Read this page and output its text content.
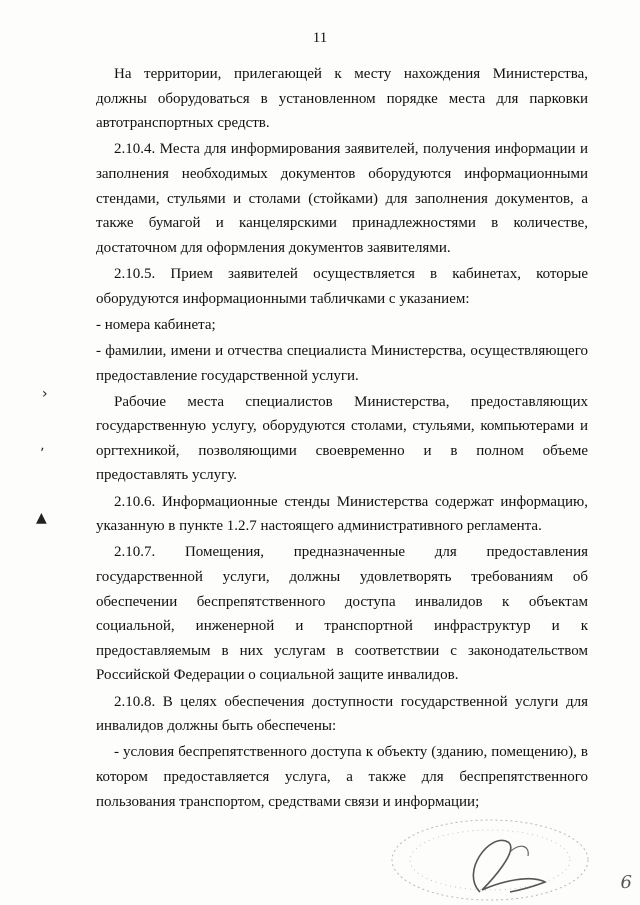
11

На территории, прилегающей к месту нахождения Министерства, должны оборудоваться в установленном порядке места для парковки автотранспортных средств.

2.10.4. Места для информирования заявителей, получения информации и заполнения необходимых документов оборудуются информационными стендами, стульями и столами (стойками) для заполнения документов, а также бумагой и канцелярскими принадлежностями в количестве, достаточном для оформления документов заявителями.

2.10.5. Прием заявителей осуществляется в кабинетах, которые оборудуются информационными табличками с указанием:

- номера кабинета;

- фамилии, имени и отчества специалиста Министерства, осуществляющего предоставление государственной услуги.

Рабочие места специалистов Министерства, предоставляющих государственную услугу, оборудуются столами, стульями, компьютерами и оргтехникой, позволяющими своевременно и в полном объеме предоставлять услугу.

2.10.6. Информационные стенды Министерства содержат информацию, указанную в пункте 1.2.7 настоящего административного регламента.

2.10.7. Помещения, предназначенные для предоставления государственной услуги, должны удовлетворять требованиям об обеспечении беспрепятственного доступа инвалидов к объектам социальной, инженерной и транспортной инфраструктур и к предоставляемым в них услугам в соответствии с законодательством Российской Федерации о социальной защите инвалидов.

2.10.8. В целях обеспечения доступности государственной услуги для инвалидов должны быть обеспечены:

- условия беспрепятственного доступа к объекту (зданию, помещению), в котором предоставляется услуга, а также для беспрепятственного пользования транспортом, средствами связи и информации;

›
ʼ
▲
6
